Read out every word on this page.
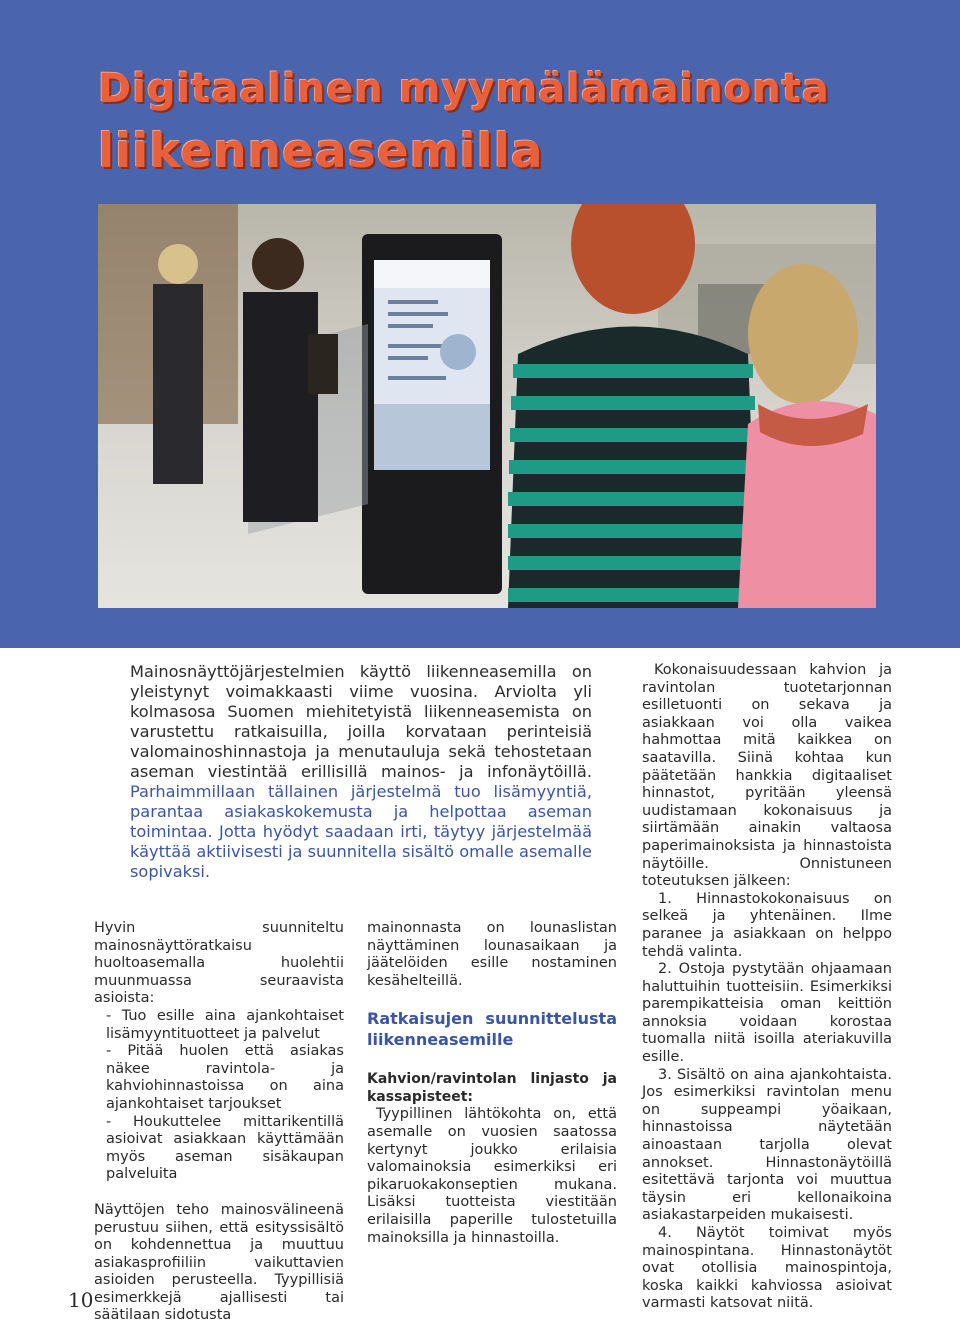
Digitaalinen myymälämainonta
liikenneasemilla

Mainosnäyttöjärjestelmien käyttö liikenneasemilla on yleistynyt voimakkaasti viime vuosina. Arviolta yli kolmasosa Suomen miehitetyistä liikenneasemista on varustettu ratkaisuilla, joilla korvataan perinteisiä valomainoshinnastoja ja menutauluja sekä tehostetaan aseman viestintää erillisillä mainos- ja infonäytöillä. Parhaimmillaan tällainen järjestelmä tuo lisämyyntiä, parantaa asiakaskokemusta ja helpottaa aseman toimintaa. Jotta hyödyt saadaan irti, täytyy järjestelmää käyttää aktiivisesti ja suunnitella sisältö omalle asemalle sopivaksi.

Hyvin suunniteltu mainosnäyttöratkaisu huoltoasemalla huolehtii muunmuassa seuraavista asioista:

- Tuo esille aina ajankohtaiset lisämyyntituotteet ja palvelut

- Pitää huolen että asiakas näkee ravintola- ja kahviohinnastoissa on aina ajankohtaiset tarjoukset

- Houkuttelee mittarikentillä asioivat asiakkaan käyttämään myös aseman sisäkaupan palveluita

Näyttöjen teho mainosvälineenä perustuu siihen, että esityssisältö on kohdennettua ja muuttuu asiakasprofiiliin vaikuttavien asioiden perusteella. Tyypillisiä esimerkkejä ajallisesti tai säätilaan sidotusta

mainonnasta on lounaslistan näyttäminen lounasaikaan ja jäätelöiden esille nostaminen kesähelteillä.

Ratkaisujen suunnittelusta liikenneasemille

Kahvion/ravintolan linjasto ja kassapisteet:

Tyypillinen lähtökohta on, että asemalle on vuosien saatossa kertynyt joukko erilaisia valomainoksia esimerkiksi eri pikaruokakonseptien mukana. Lisäksi tuotteista viestitään erilaisilla paperille tulostetuilla mainoksilla ja hinnastoilla.

Kokonaisuudessaan kahvion ja ravintolan tuotetarjonnan esilletuonti on sekava ja asiakkaan voi olla vaikea hahmottaa mitä kaikkea on saatavilla. Siinä kohtaa kun päätetään hankkia digitaaliset hinnastot, pyritään yleensä uudistamaan kokonaisuus ja siirtämään ainakin valtaosa paperimainoksista ja hinnastoista näytöille. Onnistuneen toteutuksen jälkeen:

1. Hinnastokokonaisuus on selkeä ja yhtenäinen. Ilme paranee ja asiakkaan on helppo tehdä valinta.

2. Ostoja pystytään ohjaamaan haluttuihin tuotteisiin. Esimerkiksi parempikatteisia oman keittiön annoksia voidaan korostaa tuomalla niitä isoilla ateriakuvilla esille.

3. Sisältö on aina ajankohtaista. Jos esimerkiksi ravintolan menu on suppeampi yöaikaan, hinnastoissa näytetään ainoastaan tarjolla olevat annokset. Hinnastonäytöillä esitettävä tarjonta voi muuttua täysin eri kellonaikoina asiakastarpeiden mukaisesti.

4. Näytöt toimivat myös mainospintana. Hinnastonäytöt ovat otollisia mainospintoja, koska kaikki kahviossa asioivat varmasti katsovat niitä.

10
